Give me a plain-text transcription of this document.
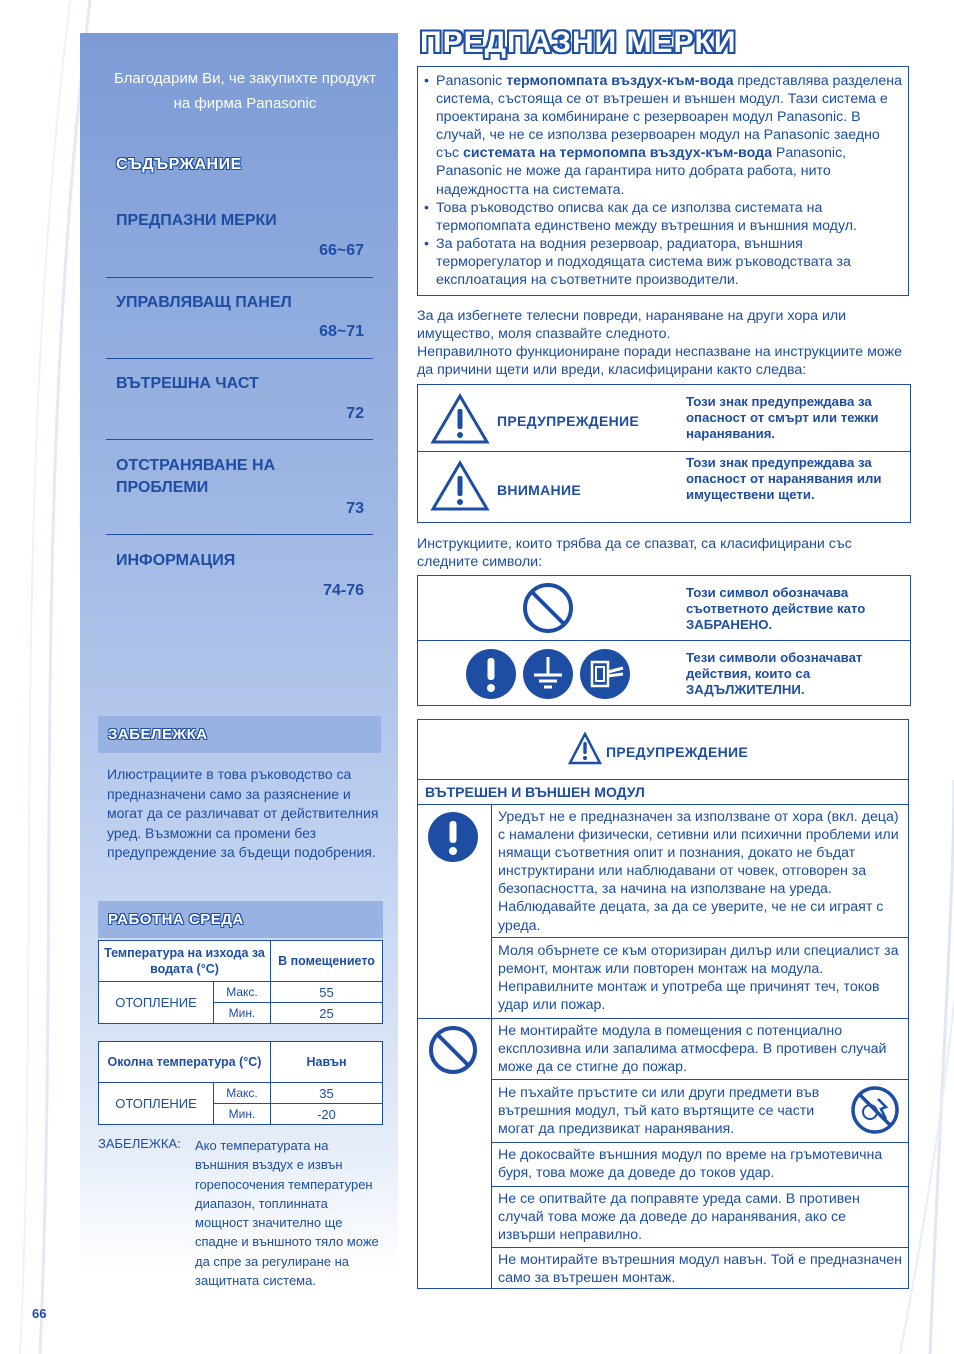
Благодарим Ви, че закупихте продукт на фирма Panasonic
СЪДЪРЖАНИЕ
ПРЕДПАЗНИ МЕРКИ
66~67
УПРАВЛЯВАЩ ПАНЕЛ
68~71
ВЪТРЕШНА ЧАСТ
72
ОТСТРАНЯВАНЕ НА ПРОБЛЕМИ
73
ИНФОРМАЦИЯ
74-76
ЗАБЕЛЕЖКА
Илюстрациите в това ръководство са предназначени само за разяснение и могат да се различават от действителния уред. Възможни са промени без предупреждение за бъдещи подобрения.
РАБОТНА СРЕДА
Температура на изхода за водата (°C)		В помещението
ОТОПЛЕНИЕ	Макс.	55
	Мин.	25
Околна температура (°C)		Навън
ОТОПЛЕНИЕ	Макс.	35
	Мин.	-20
ЗАБЕЛЕЖКА: Ако температурата на външния въздух е извън горепосочения температурен диапазон, топлинната мощност значително ще спадне и външното тяло може да спре за регулиране на защитната система.
ПРЕДПАЗНИ МЕРКИ
• Panasonic термопомпата въздух-към-вода представлява разделена система, състояща се от вътрешен и външен модул. Тази система е проектирана за комбиниране с резервоарен модул Panasonic. В случай, че не се използва резервоарен модул на Panasonic заедно със системата на термопомпа въздух-към-вода Panasonic, Panasonic не може да гарантира нито добрата работа, нито надеждността на системата.
• Това ръководство описва как да се използва системата на термопомпата единствено между вътрешния и външния модул.
• За работата на водния резервоар, радиатора, външния терморегулатор и подходящата система виж ръководствата за експлоатация на съответните производители.
За да избегнете телесни повреди, нараняване на други хора или имущество, моля спазвайте следното.
Неправилното функциониране поради неспазване на инструкциите може да причини щети или вреди, класифицирани както следва:
ПРЕДУПРЕЖДЕНИЕ
Този знак предупреждава за опасност от смърт или тежки наранявания.
ВНИМАНИЕ
Този знак предупреждава за опасност от наранявания или имуществени щети.
Инструкциите, които трябва да се спазват, са класифицирани със следните символи:
Този символ обозначава съответното действие като ЗАБРАНЕНО.
Тези символи обозначават действия, които са ЗАДЪЛЖИТЕЛНИ.
ПРЕДУПРЕЖДЕНИЕ
ВЪТРЕШЕН И ВЪНШЕН МОДУЛ
Уредът не е предназначен за използване от хора (вкл. деца) с намалени физически, сетивни или психични проблеми или нямащи съответния опит и познания, докато не бъдат инструктирани или наблюдавани от човек, отговорен за безопасността, за начина на използване на уреда. Наблюдавайте децата, за да се уверите, че не си играят с уреда.
Моля обърнете се към оторизиран дилър или специалист за ремонт, монтаж или повторен монтаж на модула. Неправилните монтаж и употреба ще причинят теч, токов удар или пожар.
Не монтирайте модула в помещения с потенциално експлозивна или запалима атмосфера. В противен случай може да се стигне до пожар.
Не пъхайте пръстите си или други предмети във вътрешния модул, тъй като въртящите се части могат да предизвикат наранявания.
Не докосвайте външния модул по време на гръмотевична буря, това може да доведе до токов удар.
Не се опитвайте да поправяте уреда сами. В противен случай това може да доведе до наранявания, ако се извърши неправилно.
Не монтирайте вътрешния модул навън. Той е предназначен само за вътрешен монтаж.
66
